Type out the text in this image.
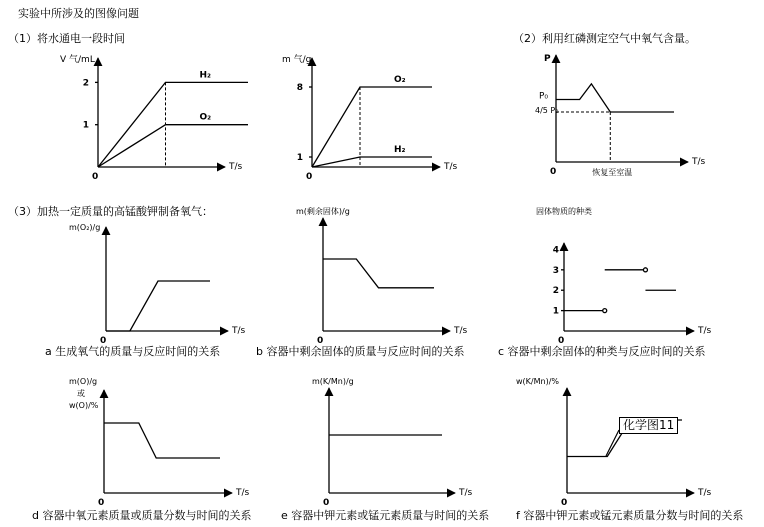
实验中所涉及的图像问题
（1）将水通电一段时间	（2）利用红磷测定空气中氧气含量。
（3）加热一定质量的高锰酸钾制备氧气：
a 生成氧气的质量与反应时间的关系	b 容器中剩余固体的质量与反应时间的关系	c 容器中剩余固体的种类与反应时间的关系
d 容器中氧元素质量或质量分数与时间的关系	e 容器中钾元素或锰元素质量与时间的关系 f 容器中钾元素或锰元素质量分数与时间的关系
0
T/s
V 气/mL
H₂
O₂
1
2
0
T/s
m 气/g
O₂
H₂
1
8
0
T/s
P
P₀
4/5 P₀
恢复至室温
0
T/s
0
T/s
0
T/s
0
T/s
0
T/s
m(O₂)/g
m(剩余固体)/g
m(O)/g
或
w(O)/%
m(K/Mn)/g	w(K/Mn)/%
0
T/s
固体物质的种类
1
2
3
4
化学图11
